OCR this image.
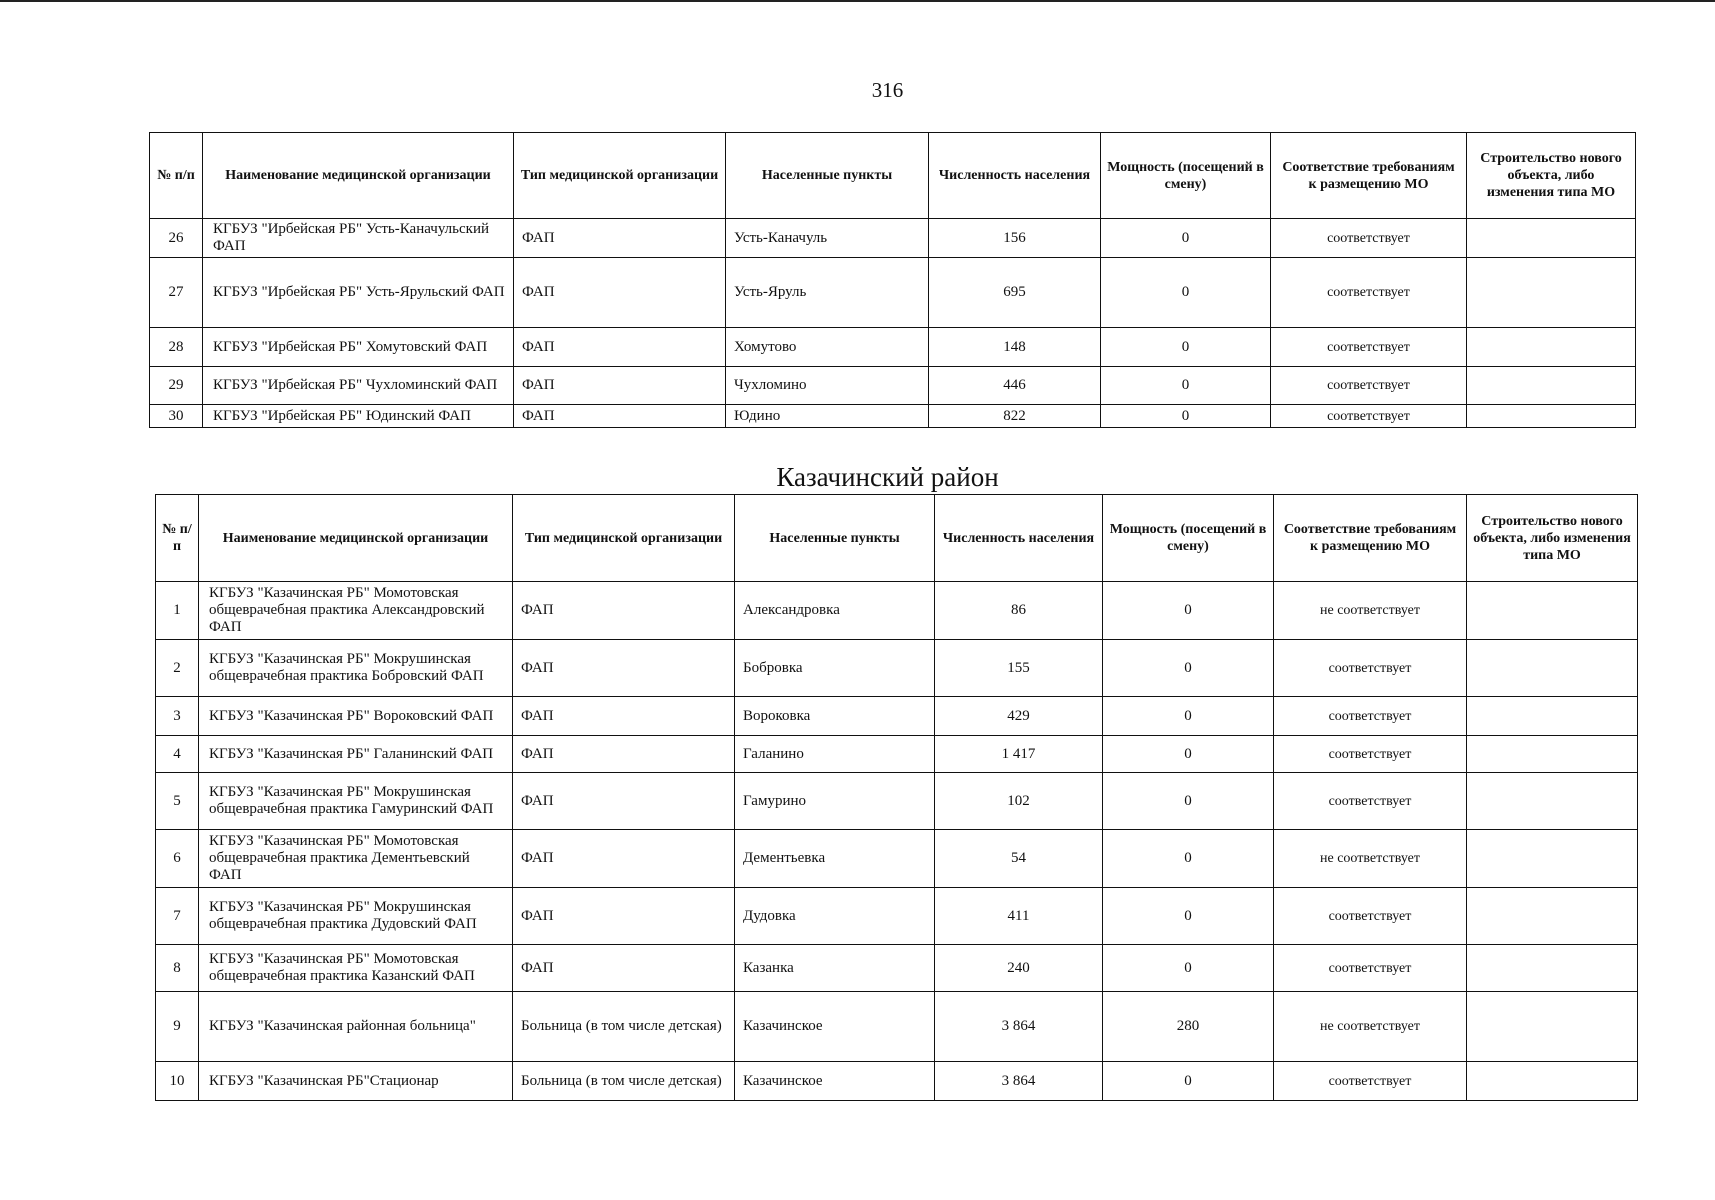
316
№ п/п	Наименование медицинской организации	Тип медицинской организации	Населенные пункты	Численность населения	Мощность (посещений в смену)	Соответствие требованиям к размещению МО	Строительство нового объекта, либо изменения типа МО
26	КГБУЗ "Ирбейская РБ" Усть-Каначульский ФАП	ФАП	Усть-Каначуль	156	0	соответствует	
27	КГБУЗ "Ирбейская РБ" Усть-Ярульский ФАП	ФАП	Усть-Яруль	695	0	соответствует	
28	КГБУЗ "Ирбейская РБ" Хомутовский ФАП	ФАП	Хомутово	148	0	соответствует	
29	КГБУЗ "Ирбейская РБ" Чухломинский ФАП	ФАП	Чухломино	446	0	соответствует	
30	КГБУЗ "Ирбейская РБ" Юдинский ФАП	ФАП	Юдино	822	0	соответствует	
Казачинский район
№ п/п	Наименование медицинской организации	Тип медицинской организации	Населенные пункты	Численность населения	Мощность (посещений в смену)	Соответствие требованиям к размещению МО	Строительство нового объекта, либо изменения типа МО
1	КГБУЗ "Казачинская РБ" Момотовская общеврачебная практика Александровский ФАП	ФАП	Александровка	86	0	не соответствует	
2	КГБУЗ "Казачинская РБ" Мокрушинская общеврачебная практика Бобровский ФАП	ФАП	Бобровка	155	0	соответствует	
3	КГБУЗ "Казачинская РБ" Вороковский ФАП	ФАП	Вороковка	429	0	соответствует	
4	КГБУЗ "Казачинская РБ" Галанинский ФАП	ФАП	Галанино	1 417	0	соответствует	
5	КГБУЗ "Казачинская РБ" Мокрушинская общеврачебная практика Гамуринский ФАП	ФАП	Гамурино	102	0	соответствует	
6	КГБУЗ "Казачинская РБ" Момотовская общеврачебная практика Дементьевский ФАП	ФАП	Дементьевка	54	0	не соответствует	
7	КГБУЗ "Казачинская РБ" Мокрушинская общеврачебная практика Дудовский ФАП	ФАП	Дудовка	411	0	соответствует	
8	КГБУЗ "Казачинская РБ" Момотовская общеврачебная практика Казанский ФАП	ФАП	Казанка	240	0	соответствует	
9	КГБУЗ "Казачинская районная больница"	Больница (в том числе детская)	Казачинское	3 864	280	не соответствует	
10	КГБУЗ "Казачинская РБ"Стационар	Больница (в том числе детская)	Казачинское	3 864	0	соответствует	
